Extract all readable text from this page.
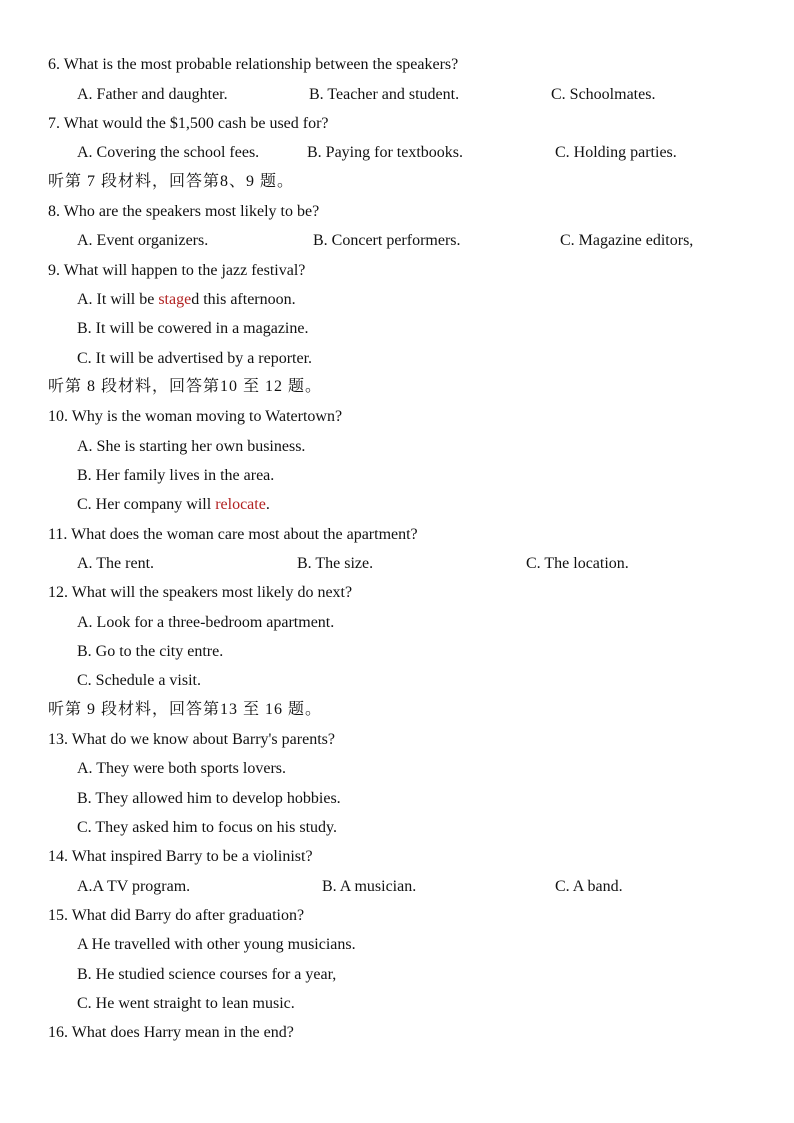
6. What is the most probable relationship between the speakers?
A. Father and daughter.	B. Teacher and student.	C. Schoolmates.
7. What would the $1,500 cash be used for?
A. Covering the school fees.	B. Paying for textbooks.	C. Holding parties.
听第 7 段材料，回答第8、9 题。
8. Who are the speakers most likely to be?
A. Event organizers.	B. Concert performers.	C. Magazine editors,
9. What will happen to the jazz festival?
A. It will be staged this afternoon.
B. It will be cowered in a magazine.
C. It will be advertised by a reporter.
听第 8 段材料，回答第10 至 12 题。
10. Why is the woman moving to Watertown?
A. She is starting her own business.
B. Her family lives in the area.
C. Her company will relocate.
11. What does the woman care most about the apartment?
A. The rent.	B. The size.	C. The location.
12. What will the speakers most likely do next?
A. Look for a three-bedroom apartment.
B. Go to the city entre.
C. Schedule a visit.
听第 9 段材料，回答第13 至 16 题。
13. What do we know about Barry's parents?
A. They were both sports lovers.
B. They allowed him to develop hobbies.
C. They asked him to focus on his study.
14. What inspired Barry to be a violinist?
A.A TV program.	B. A musician.	C. A band.
15. What did Barry do after graduation?
A He travelled with other young musicians.
B. He studied science courses for a year,
C. He went straight to lean music.
16. What does Harry mean in the end?
